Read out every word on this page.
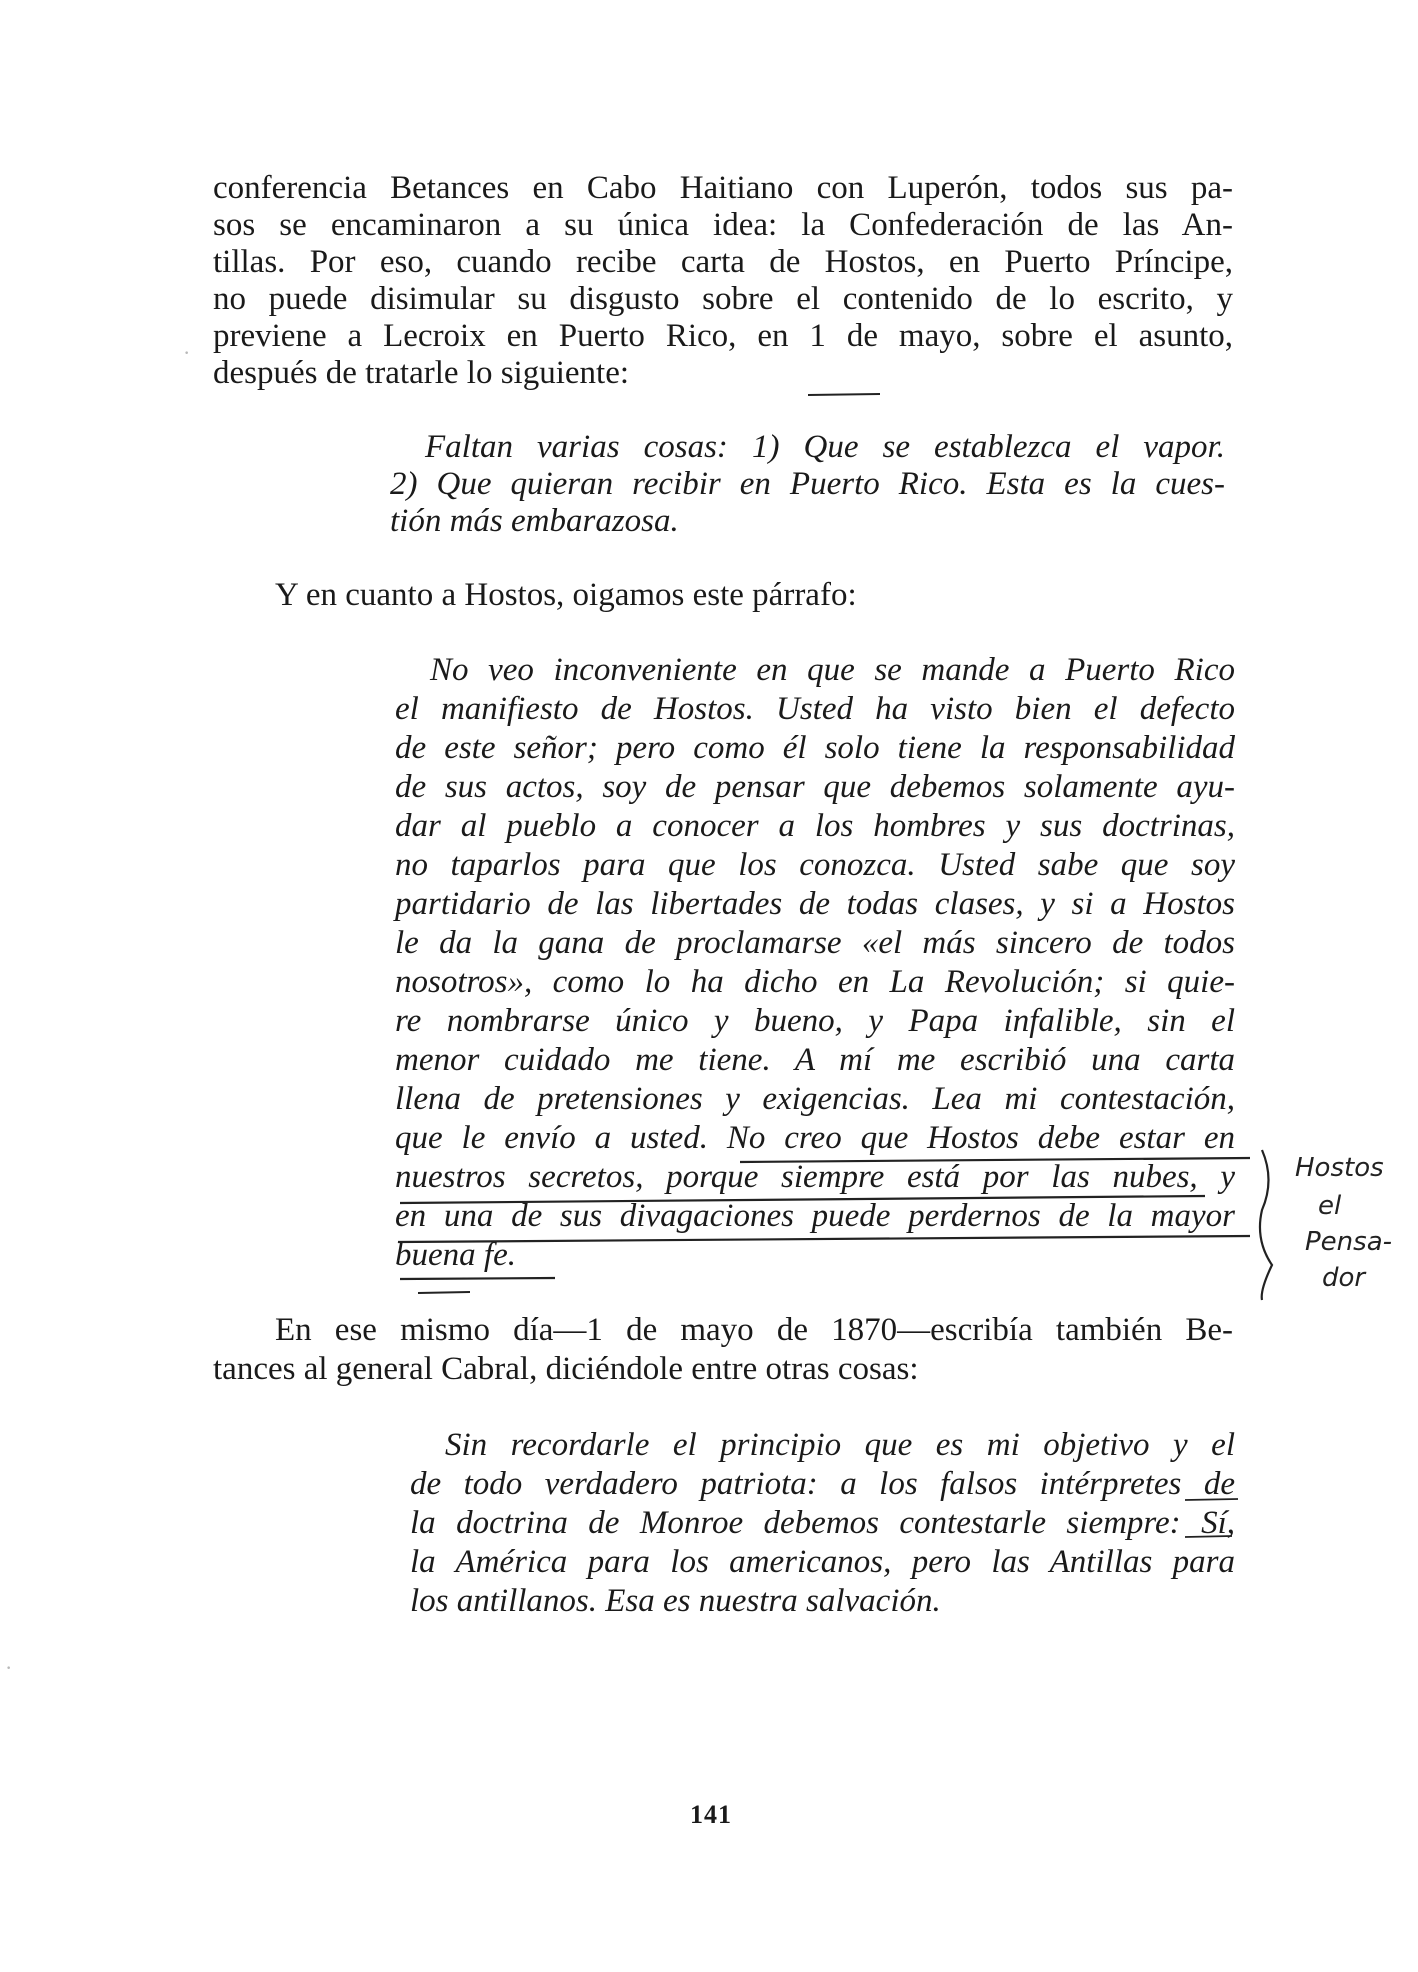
conferencia Betances en Cabo Haitiano con Luperón, todos sus pa-
sos se encaminaron a su única idea: la Confederación de las An-
tillas. Por eso, cuando recibe carta de Hostos, en Puerto Príncipe,
no puede disimular su disgusto sobre el contenido de lo escrito, y
previene a Lecroix en Puerto Rico, en 1 de mayo, sobre el asunto,
después de tratarle lo siguiente:
Faltan varias cosas: 1) Que se establezca el vapor.
2) Que quieran recibir en Puerto Rico. Esta es la cues-
tión más embarazosa.
Y en cuanto a Hostos, oigamos este párrafo:
No veo inconveniente en que se mande a Puerto Rico
el manifiesto de Hostos. Usted ha visto bien el defecto
de este señor; pero como él solo tiene la responsabilidad
de sus actos, soy de pensar que debemos solamente ayu-
dar al pueblo a conocer a los hombres y sus doctrinas,
no taparlos para que los conozca. Usted sabe que soy
partidario de las libertades de todas clases, y si a Hostos
le da la gana de proclamarse «el más sincero de todos
nosotros», como lo ha dicho en La Revolución; si quie-
re nombrarse único y bueno, y Papa infalible, sin el
menor cuidado me tiene. A mí me escribió una carta
llena de pretensiones y exigencias. Lea mi contestación,
que le envío a usted. No creo que Hostos debe estar en
nuestros secretos, porque siempre está por las nubes, y
en una de sus divagaciones puede perdernos de la mayor
buena fe.
En ese mismo día—1 de mayo de 1870—escribía también Be-
tances al general Cabral, diciéndole entre otras cosas:
Sin recordarle el principio que es mi objetivo y el
de todo verdadero patriota: a los falsos intérpretes de
la doctrina de Monroe debemos contestarle siempre: Sí,
la América para los americanos, pero las Antillas para
los antillanos. Esa es nuestra salvación.
141
Hostos
el
Pensa-
dor
·
·
